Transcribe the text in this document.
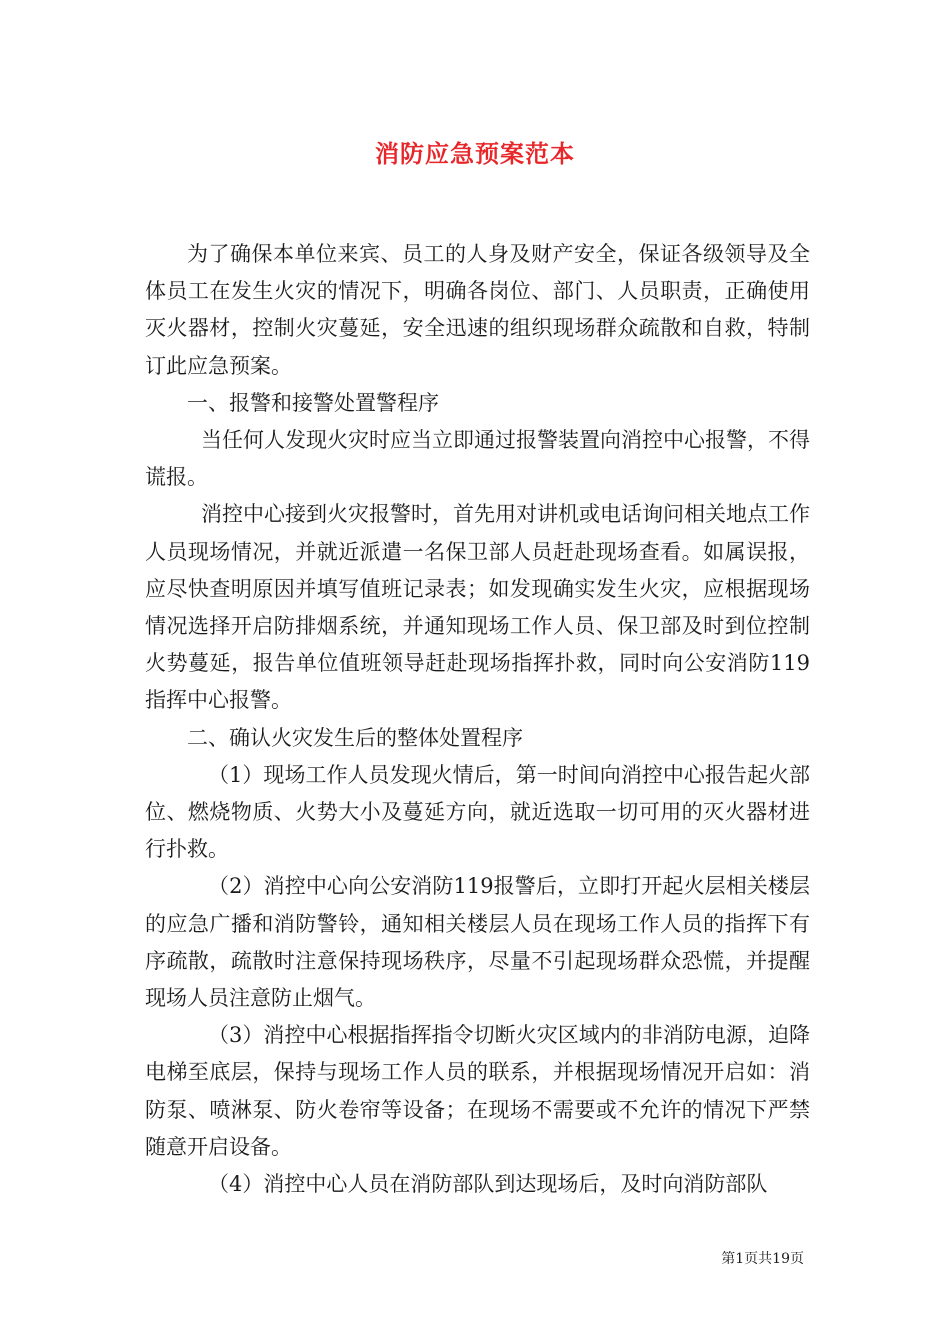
消防应急预案范本

为了确保本单位来宾、员工的人身及财产安全，保证各级领导及全体员工在发生火灾的情况下，明确各岗位、部门、人员职责，正确使用灭火器材，控制火灾蔓延，安全迅速的组织现场群众疏散和自救，特制订此应急预案。

一、报警和接警处置警程序

当任何人发现火灾时应当立即通过报警装置向消控中心报警，不得谎报。

消控中心接到火灾报警时，首先用对讲机或电话询问相关地点工作人员现场情况，并就近派遣一名保卫部人员赶赴现场查看。如属误报，应尽快查明原因并填写值班记录表；如发现确实发生火灾，应根据现场情况选择开启防排烟系统，并通知现场工作人员、保卫部及时到位控制火势蔓延，报告单位值班领导赶赴现场指挥扑救，同时向公安消防119指挥中心报警。

二、确认火灾发生后的整体处置程序

（1）现场工作人员发现火情后，第一时间向消控中心报告起火部位、燃烧物质、火势大小及蔓延方向，就近选取一切可用的灭火器材进行扑救。

（2）消控中心向公安消防119报警后，立即打开起火层相关楼层的应急广播和消防警铃，通知相关楼层人员在现场工作人员的指挥下有序疏散，疏散时注意保持现场秩序，尽量不引起现场群众恐慌，并提醒现场人员注意防止烟气。

（3）消控中心根据指挥指令切断火灾区域内的非消防电源，迫降电梯至底层，保持与现场工作人员的联系，并根据现场情况开启如：消防泵、喷淋泵、防火卷帘等设备；在现场不需要或不允许的情况下严禁随意开启设备。

（4）消控中心人员在消防部队到达现场后，及时向消防部队

第1页共19页
